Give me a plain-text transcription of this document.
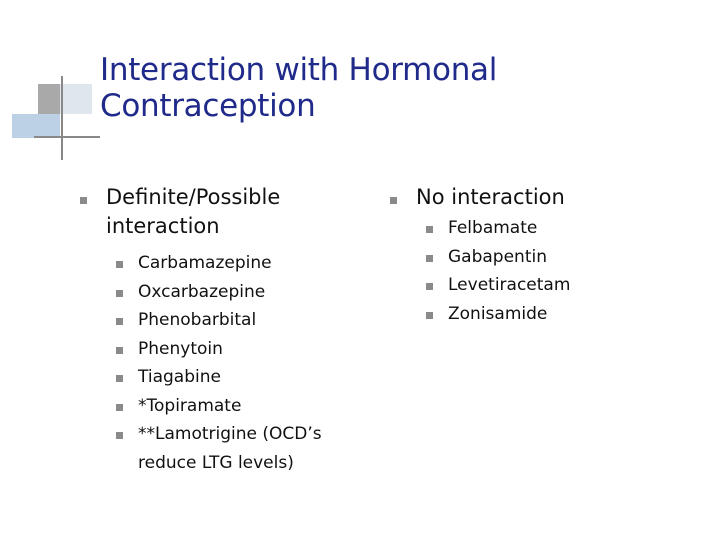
Interaction with Hormonal
Contraception
Definite/Possible
interaction
Carbamazepine
Oxcarbazepine
Phenobarbital
Phenytoin
Tiagabine
*Topiramate
**Lamotrigine (OCD’s
reduce LTG levels)
No interaction
Felbamate
Gabapentin
Levetiracetam
Zonisamide
